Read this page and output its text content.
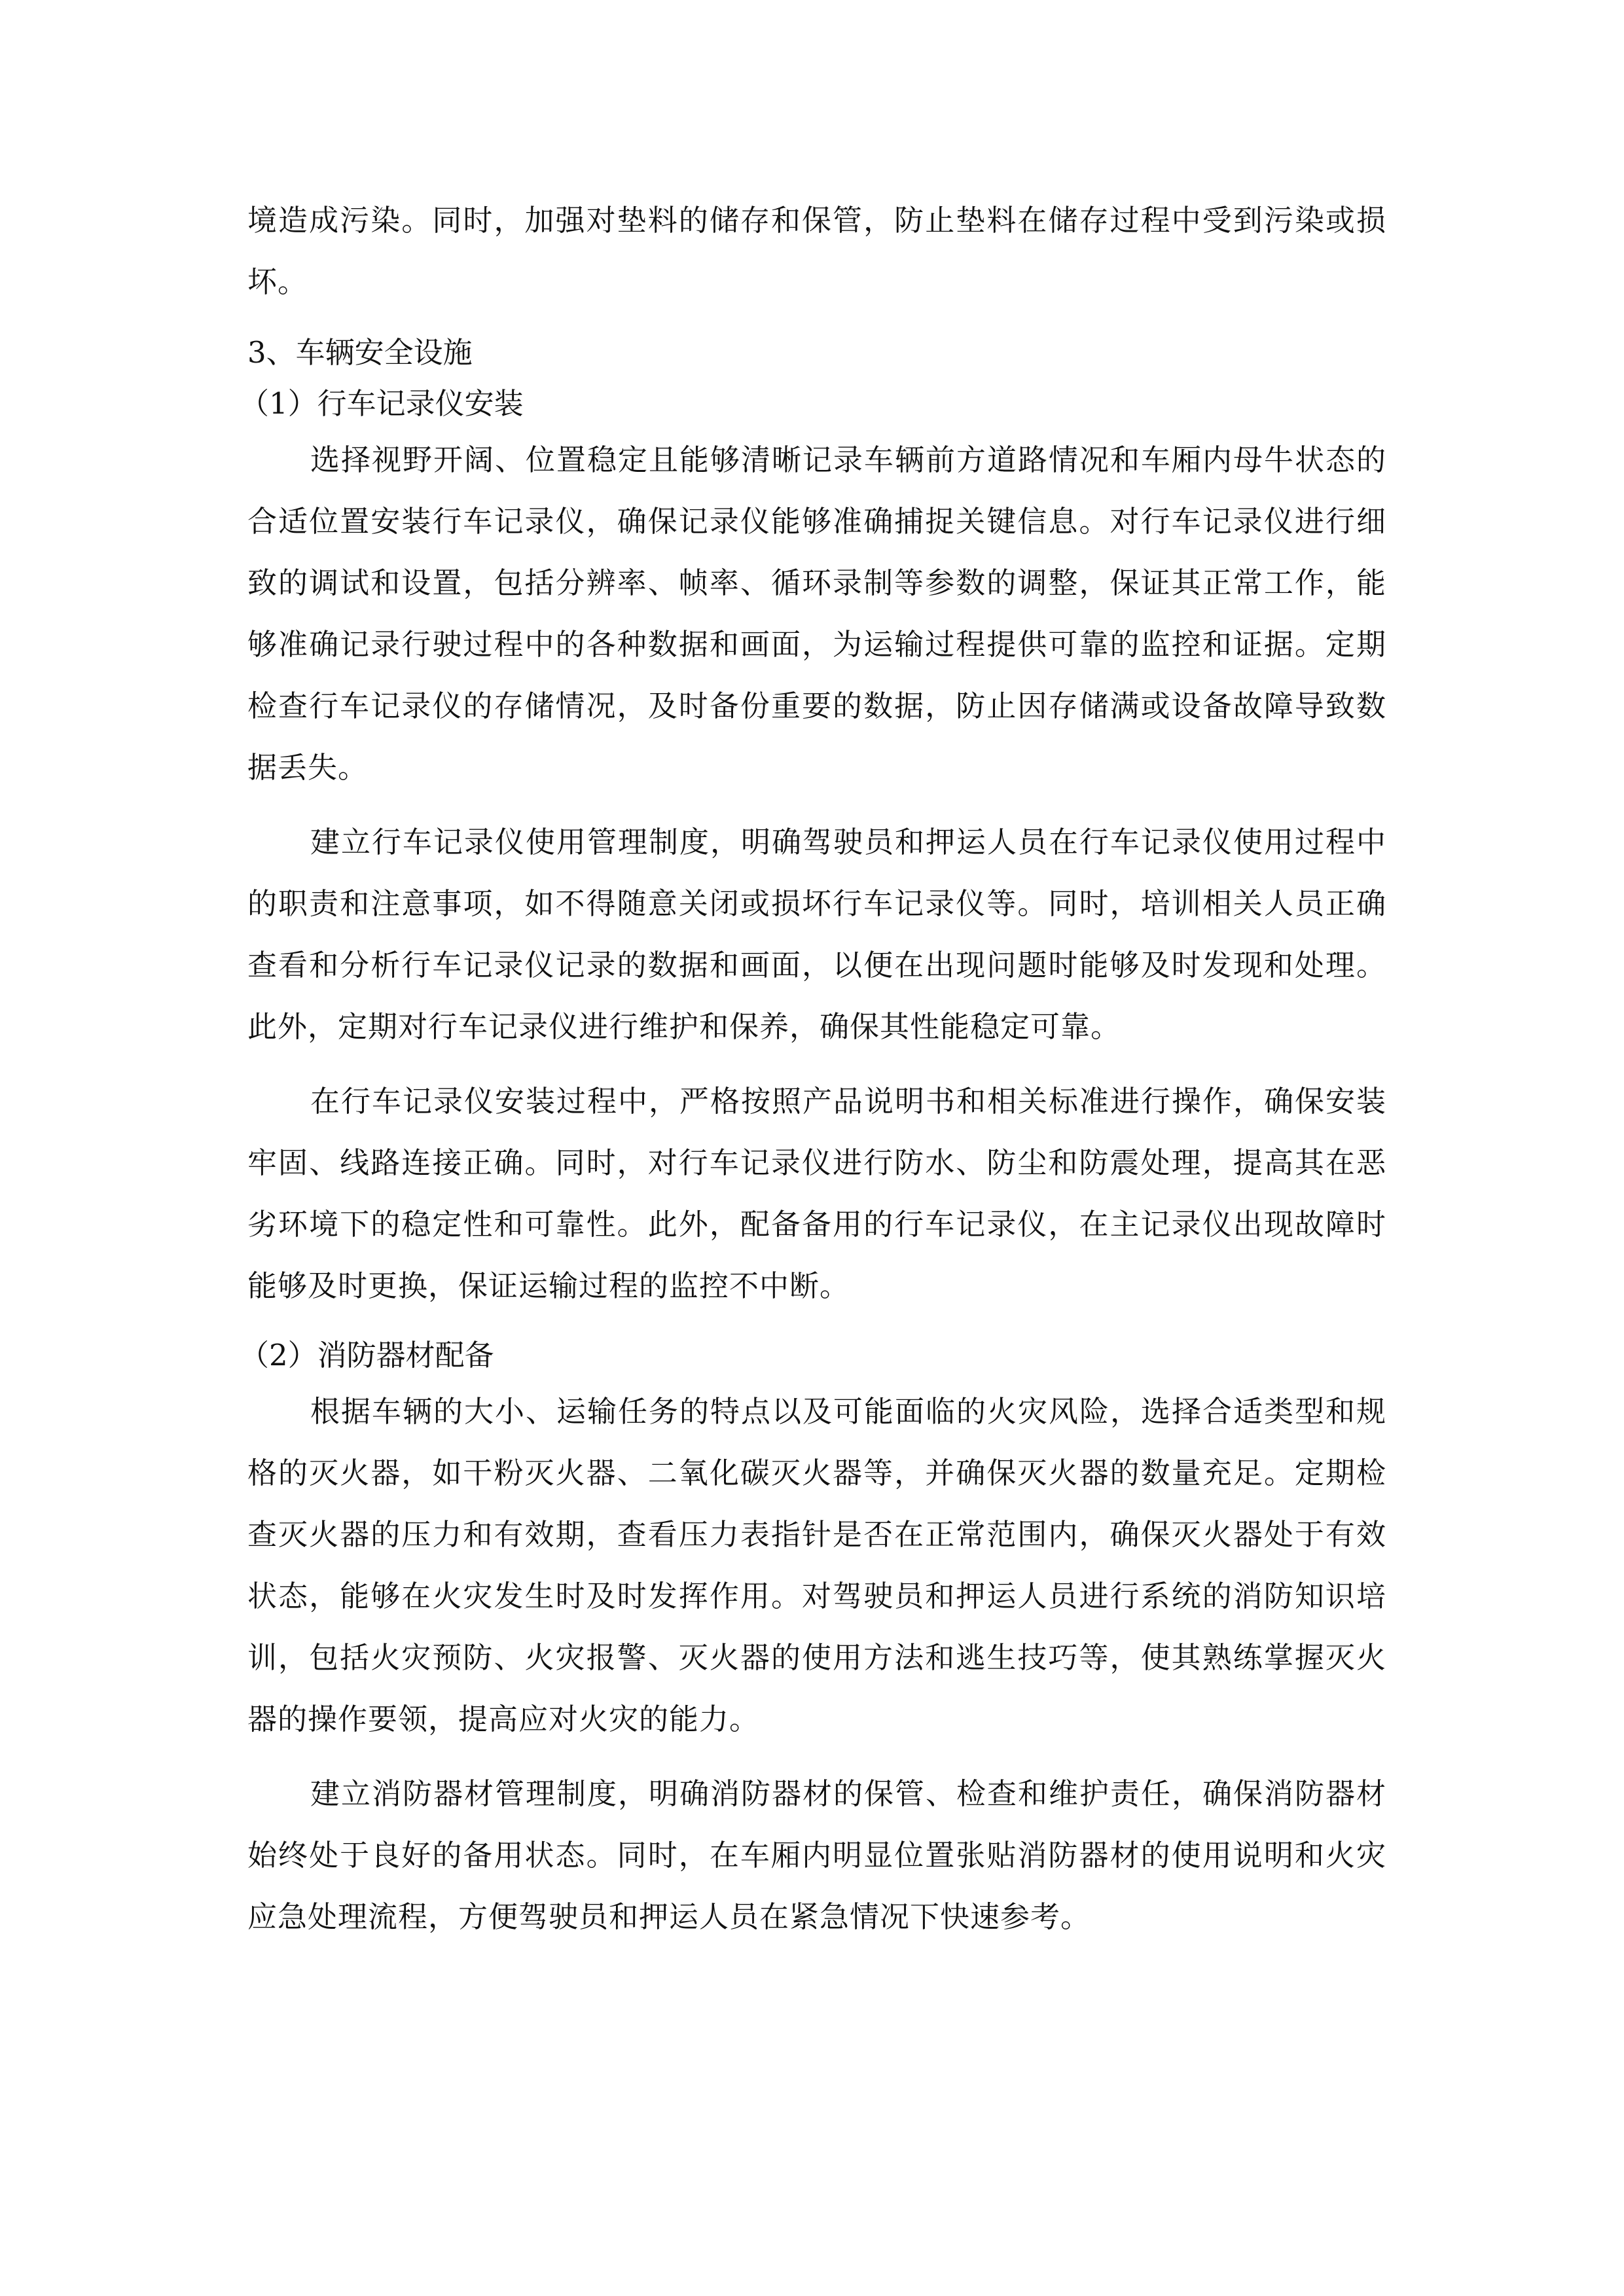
境造成污染。同时，加强对垫料的储存和保管，防止垫料在储存过程中受到污染或损坏。

3、车辆安全设施

（1）行车记录仪安装

选择视野开阔、位置稳定且能够清晰记录车辆前方道路情况和车厢内母牛状态的合适位置安装行车记录仪，确保记录仪能够准确捕捉关键信息。对行车记录仪进行细致的调试和设置，包括分辨率、帧率、循环录制等参数的调整，保证其正常工作，能够准确记录行驶过程中的各种数据和画面，为运输过程提供可靠的监控和证据。定期检查行车记录仪的存储情况，及时备份重要的数据，防止因存储满或设备故障导致数据丢失。

建立行车记录仪使用管理制度，明确驾驶员和押运人员在行车记录仪使用过程中的职责和注意事项，如不得随意关闭或损坏行车记录仪等。同时，培训相关人员正确查看和分析行车记录仪记录的数据和画面，以便在出现问题时能够及时发现和处理。此外，定期对行车记录仪进行维护和保养，确保其性能稳定可靠。

在行车记录仪安装过程中，严格按照产品说明书和相关标准进行操作，确保安装牢固、线路连接正确。同时，对行车记录仪进行防水、防尘和防震处理，提高其在恶劣环境下的稳定性和可靠性。此外，配备备用的行车记录仪，在主记录仪出现故障时能够及时更换，保证运输过程的监控不中断。

（2）消防器材配备

根据车辆的大小、运输任务的特点以及可能面临的火灾风险，选择合适类型和规格的灭火器，如干粉灭火器、二氧化碳灭火器等，并确保灭火器的数量充足。定期检查灭火器的压力和有效期，查看压力表指针是否在正常范围内，确保灭火器处于有效状态，能够在火灾发生时及时发挥作用。对驾驶员和押运人员进行系统的消防知识培训，包括火灾预防、火灾报警、灭火器的使用方法和逃生技巧等，使其熟练掌握灭火器的操作要领，提高应对火灾的能力。

建立消防器材管理制度，明确消防器材的保管、检查和维护责任，确保消防器材始终处于良好的备用状态。同时，在车厢内明显位置张贴消防器材的使用说明和火灾应急处理流程，方便驾驶员和押运人员在紧急情况下快速参考。
